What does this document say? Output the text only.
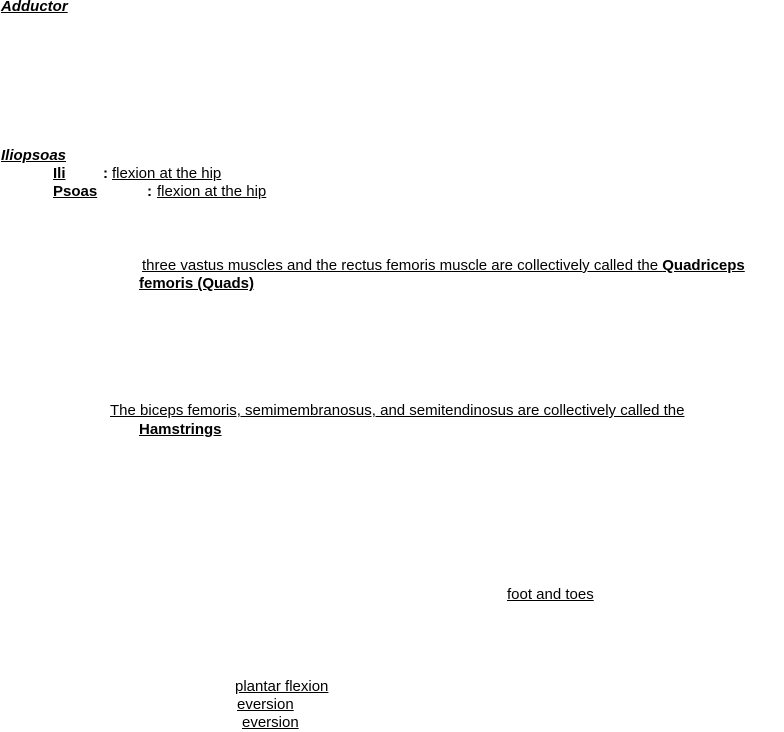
Adductor
Iliopsoas
Ili : flexion at the hip
Psoas	: flexion at the hip
three vastus muscles and the rectus femoris muscle are collectively called the Quadriceps
femoris (Quads)
The biceps femoris, semimembranosus, and semitendinosus are collectively called the
Hamstrings
foot and toes
plantar flexion
eversion
eversion
